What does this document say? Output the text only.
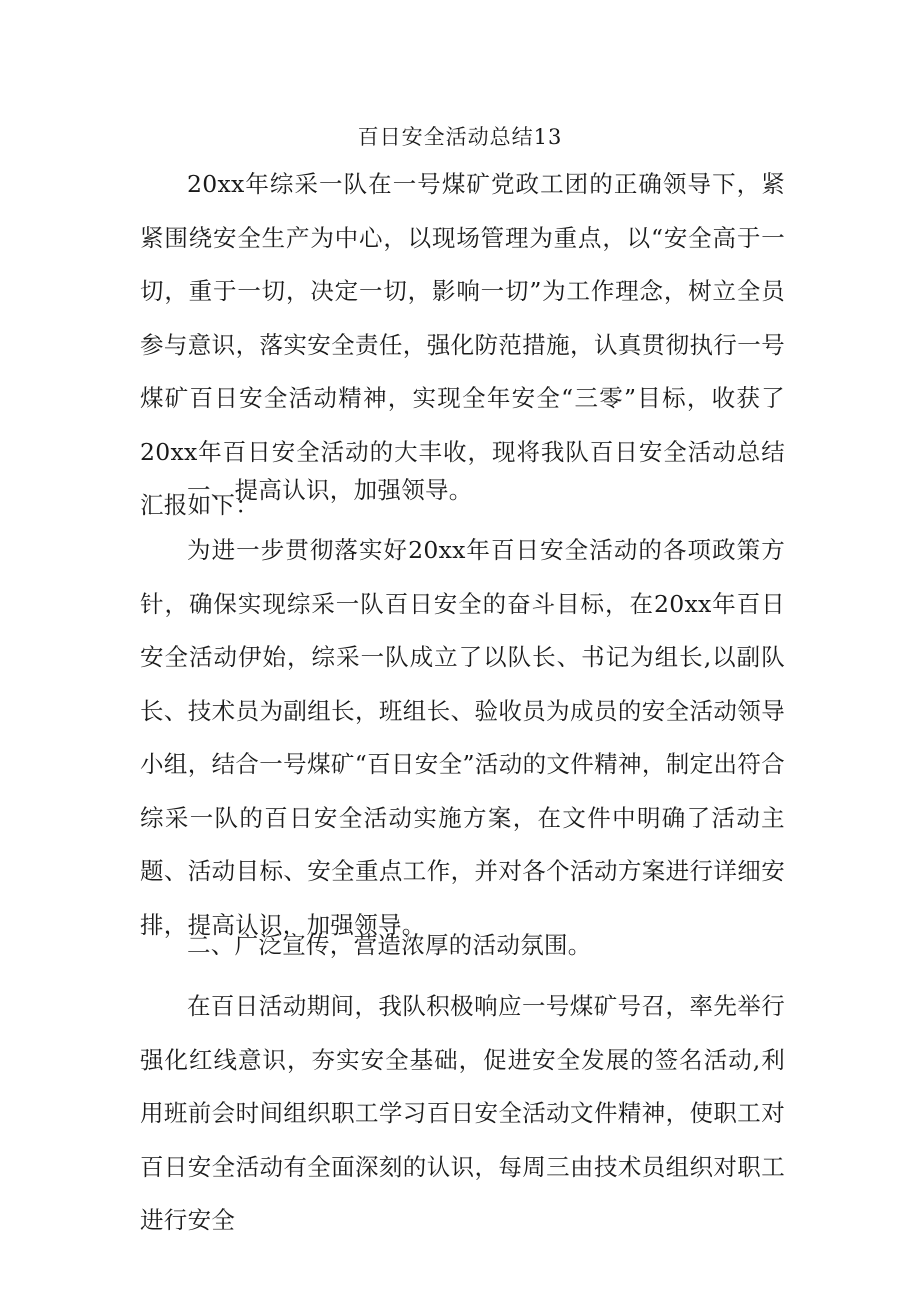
百日安全活动总结13

20xx年综采一队在一号煤矿党政工团的正确领导下，紧紧围绕安全生产为中心，以现场管理为重点，以“安全高于一切，重于一切，决定一切，影响一切”为工作理念，树立全员参与意识，落实安全责任，强化防范措施，认真贯彻执行一号煤矿百日安全活动精神，实现全年安全“三零”目标，收获了20xx年百日安全活动的大丰收，现将我队百日安全活动总结汇报如下：

一、提高认识，加强领导。

为进一步贯彻落实好20xx年百日安全活动的各项政策方针，确保实现综采一队百日安全的奋斗目标，在20xx年百日安全活动伊始，综采一队成立了以队长、书记为组长,以副队长、技术员为副组长，班组长、验收员为成员的安全活动领导小组，结合一号煤矿“百日安全”活动的文件精神，制定出符合综采一队的百日安全活动实施方案，在文件中明确了活动主题、活动目标、安全重点工作，并对各个活动方案进行详细安排，提高认识，加强领导。

二、广泛宣传，营造浓厚的活动氛围。

在百日活动期间，我队积极响应一号煤矿号召，率先举行强化红线意识，夯实安全基础，促进安全发展的签名活动,利用班前会时间组织职工学习百日安全活动文件精神，使职工对百日安全活动有全面深刻的认识，每周三由技术员组织对职工进行安全
